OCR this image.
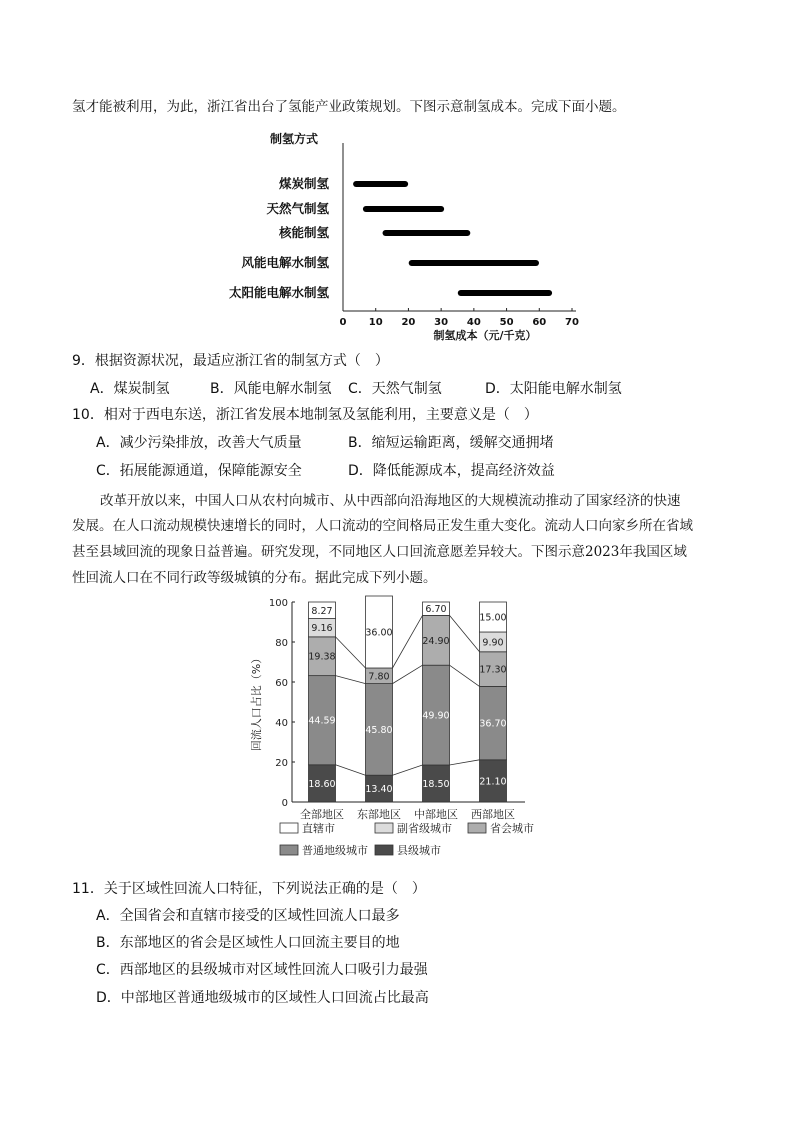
氢才能被利用，为此，浙江省出台了氢能产业政策规划。下图示意制氢成本。完成下面小题。
制氢方式
0 10 20 30 40 50 60 70
制氢成本（元/千克）
煤炭制氢
天然气制氢
核能制氢
风能电解水制氢
太阳能电解水制氢
9．根据资源状况，最适应浙江省的制氢方式（　）
A．煤炭制氢	B．风能电解水制氢 C．天然气制氢	D．太阳能电解水制氢
10．相对于西电东送，浙江省发展本地制氢及氢能利用，主要意义是（　）
A．减少污染排放，改善大气质量	B．缩短运输距离，缓解交通拥堵
C．拓展能源通道，保障能源安全	D．降低能源成本，提高经济效益
改革开放以来，中国人口从农村向城市、从中西部向沿海地区的大规模流动推动了国家经济的快速
发展。在人口流动规模快速增长的同时，人口流动的空间格局正发生重大变化。流动人口向家乡所在省域
甚至县域回流的现象日益普遍。研究发现，不同地区人口回流意愿差异较大。下图示意2023年我国区域
性回流人口在不同行政等级城镇的分布。据此完成下列小题。
0
20
40
60
80
100
回流人口占比（%）
18.60
44.59
19.38
9.16
8.27
全部地区
13.40
45.80
7.80
36.00
东部地区
18.50
49.90
24.90
6.70
中部地区
21.10
36.70
17.30
9.90
15.00
西部地区
直辖市	副省级城市	省会城市
普通地级城市	县级城市
11．关于区域性回流人口特征，下列说法正确的是（　）
A．全国省会和直辖市接受的区域性回流人口最多
B．东部地区的省会是区域性人口回流主要目的地
C．西部地区的县级城市对区域性回流人口吸引力最强
D．中部地区普通地级城市的区域性人口回流占比最高
